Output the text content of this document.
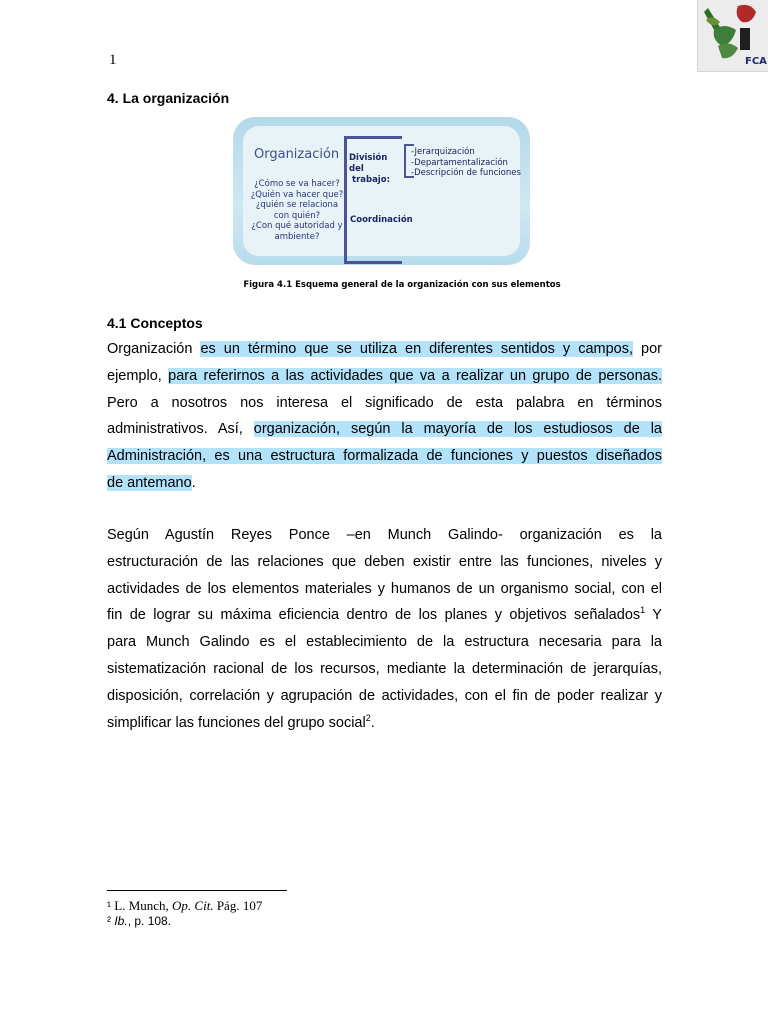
1	FCA
4. La organización
Organización
¿Cómo se va hacer?
¿Quién va hacer que?
¿quién se relaciona
con quién?
¿Con qué autoridad y
ambiente?
División
del
trabajo:
-Jerarquización
-Departamentalización
-Descripción de funciones
Coordinación
Figura 4.1 Esquema general de la organización con sus elementos
4.1 Conceptos
Organización es un término que se utiliza en diferentes sentidos y campos, por
ejemplo, para referirnos a las actividades que va a realizar un grupo de personas.
Pero a nosotros nos interesa el significado de esta palabra en términos
administrativos. Así, organización, según la mayoría de los estudiosos de la
Administración, es una estructura formalizada de funciones y puestos diseñados
de antemano.
Según Agustín Reyes Ponce –en Munch Galindo- organización es la
estructuración de las relaciones que deben existir entre las funciones, niveles y
actividades de los elementos materiales y humanos de un organismo social, con el
fin de lograr su máxima eficiencia dentro de los planes y objetivos señalados$^1$ Y
para Munch Galindo es el establecimiento de la estructura necesaria para la
sistematización racional de los recursos, mediante la determinación de jerarquías,
disposición, correlación y agrupación de actividades, con el fin de poder realizar y
simplificar las funciones del grupo social$^2$.
¹ L. Munch, Op. Cit. Pág. 107
² Ib., p. 108.
